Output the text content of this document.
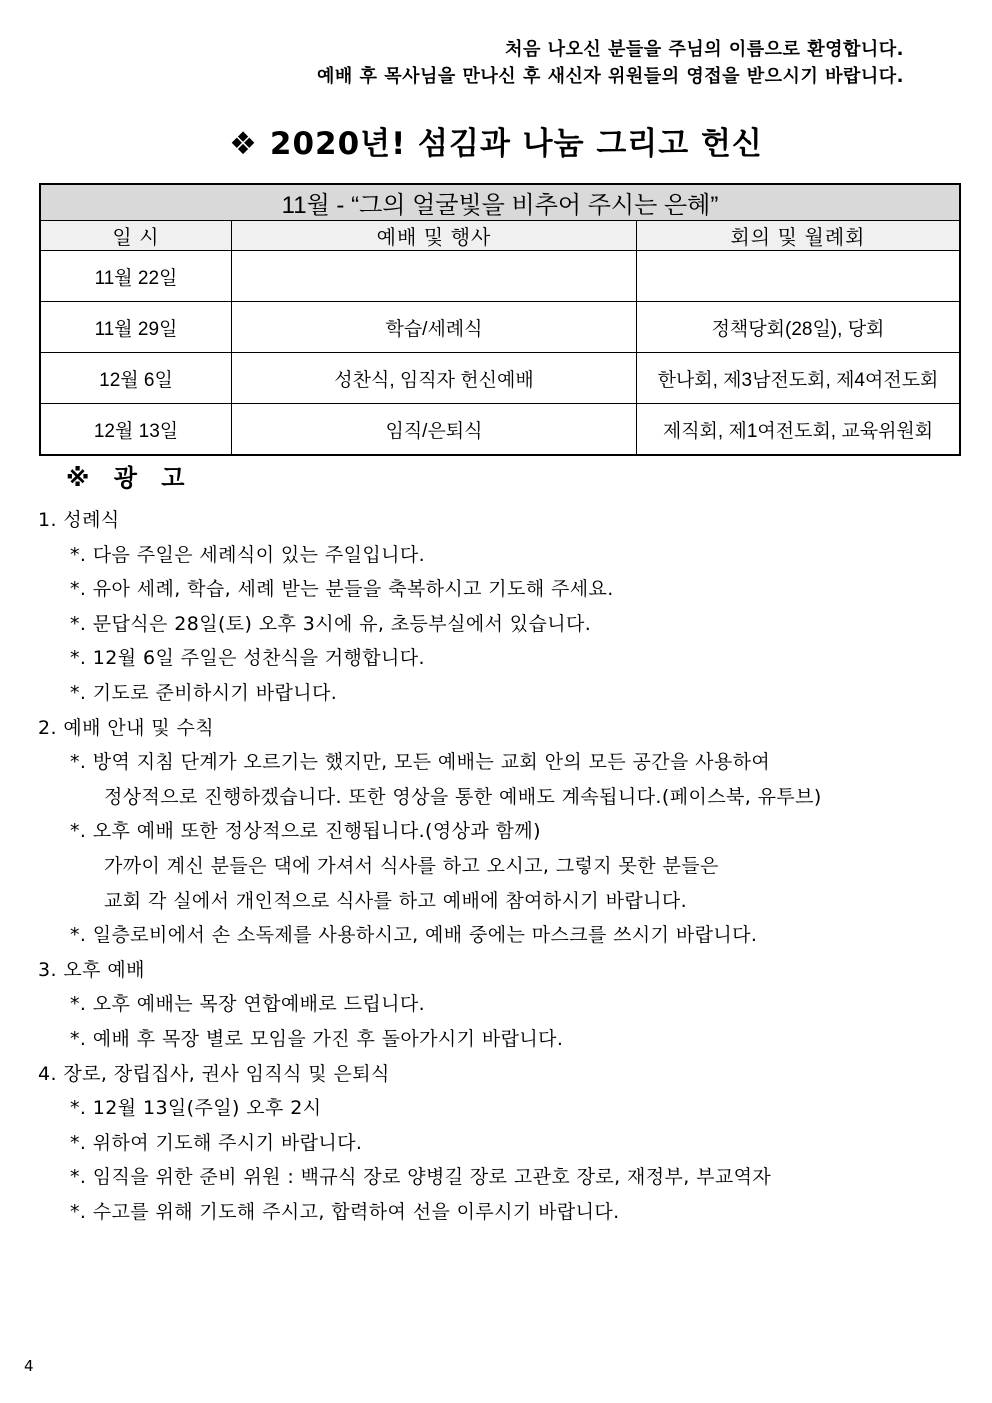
처음 나오신 분들을 주님의 이름으로 환영합니다.
예배 후 목사님을 만나신 후 새신자 위원들의 영접을 받으시기 바랍니다.
❖ 2020년! 섬김과 나눔 그리고 헌신
11월 - “그의 얼굴빛을 비추어 주시는 은혜”		
일 시	예배 및 행사	회의 및 월례회
11월 22일		
11월 29일	학습/세례식	정책당회(28일), 당회
12월 6일	성찬식, 임직자 헌신예배	한나회, 제3남전도회, 제4여전도회
12월 13일	임직/은퇴식	제직회, 제1여전도회, 교육위원회
※ 광 고

1. 성례식

*. 다음 주일은 세례식이 있는 주일입니다.

*. 유아 세례, 학습, 세례 받는 분들을 축복하시고 기도해 주세요.

*. 문답식은 28일(토) 오후 3시에 유, 초등부실에서 있습니다.

*. 12월 6일 주일은 성찬식을 거행합니다.

*. 기도로 준비하시기 바랍니다.

2. 예배 안내 및 수칙

*. 방역 지침 단계가 오르기는 했지만, 모든 예배는 교회 안의 모든 공간을 사용하여

정상적으로 진행하겠습니다. 또한 영상을 통한 예배도 계속됩니다.(페이스북, 유투브)

*. 오후 예배 또한 정상적으로 진행됩니다.(영상과 함께)

가까이 계신 분들은 댁에 가셔서 식사를 하고 오시고, 그렇지 못한 분들은

교회 각 실에서 개인적으로 식사를 하고 예배에 참여하시기 바랍니다.

*. 일층로비에서 손 소독제를 사용하시고, 예배 중에는 마스크를 쓰시기 바랍니다.

3. 오후 예배

*. 오후 예배는 목장 연합예배로 드립니다.

*. 예배 후 목장 별로 모임을 가진 후 돌아가시기 바랍니다.

4. 장로, 장립집사, 권사 임직식 및 은퇴식

*. 12월 13일(주일) 오후 2시

*. 위하여 기도해 주시기 바랍니다.

*. 임직을 위한 준비 위원 : 백규식 장로 양병길 장로 고관호 장로, 재정부, 부교역자

*. 수고를 위해 기도해 주시고, 합력하여 선을 이루시기 바랍니다.

4
